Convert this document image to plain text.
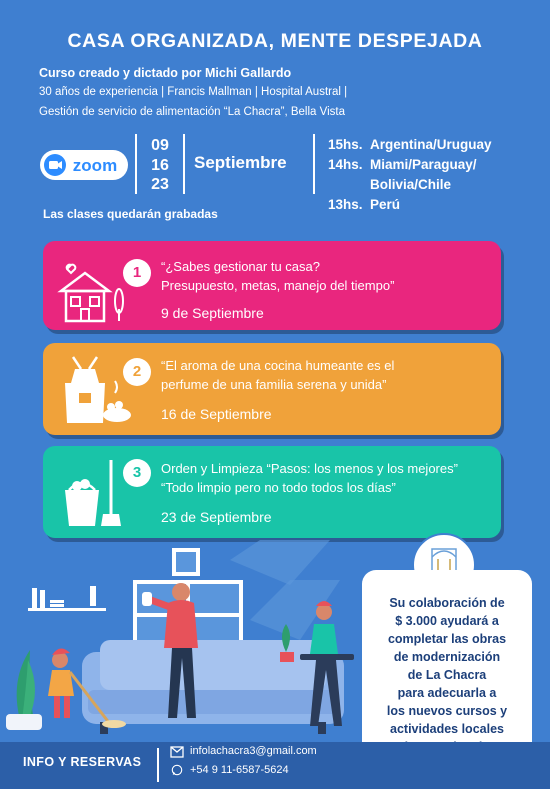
CASA ORGANIZADA, MENTE DESPEJADA
Curso creado y dictado por Michi Gallardo
30 años de experiencia | Francis Mallman | Hospital Austral |
Gestión de servicio de alimentación “La Chacra”, Bella Vista
zoom
09
16
23
Septiembre
15hs. Argentina/Uruguay
14hs. Miami/Paraguay/
Bolivia/Chile
13hs. Perú
Las clases quedarán grabadas
1	“¿Sabes gestionar tu casa?
Presupuesto, metas, manejo del tiempo”
9 de Septiembre
2	“El aroma de una cocina humeante es el
perfume de una familia serena y unida”
16 de Septiembre
3	Orden y Limpieza “Pasos: los menos y los mejores”
“Todo limpio pero no todo todos los días”
23 de Septiembre
Su colaboración de
$ 3.000 ayudará a
completar las obras
de modernización
de La Chacra
para adecuarla a
los nuevos cursos y
actividades locales
INFO Y RESERVAS
infolachacra3@gmail.com
+54 9 11-6587-5624
